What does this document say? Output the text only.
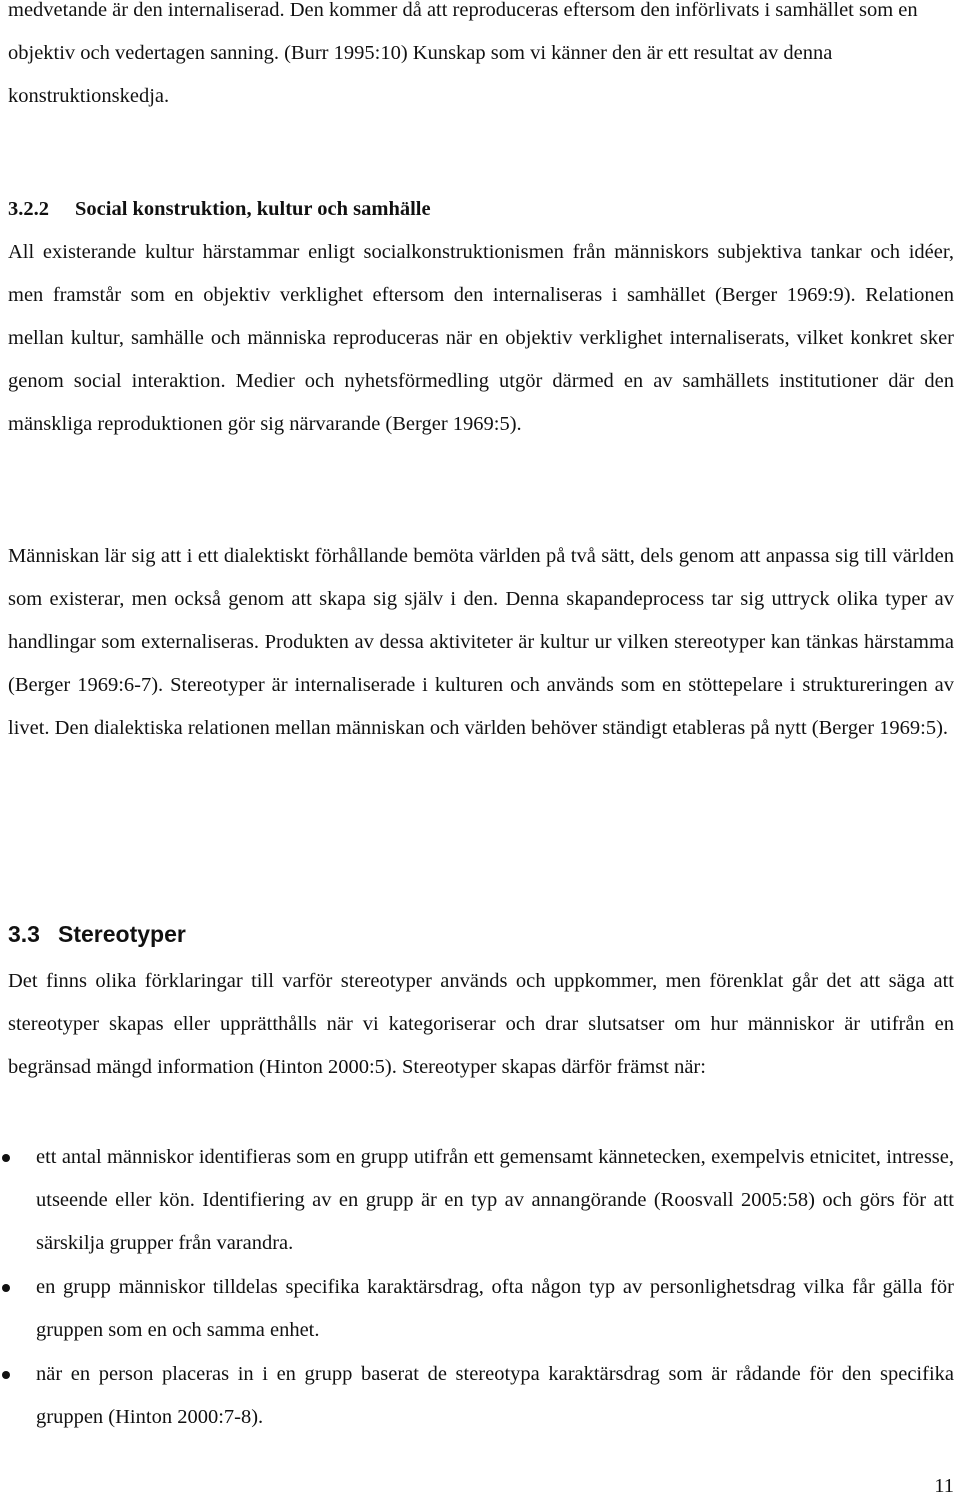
medvetande är den internaliserad. Den kommer då att reproduceras eftersom den införlivats i samhället som en objektiv och vedertagen sanning. (Burr 1995:10) Kunskap som vi känner den är ett resultat av denna konstruktionskedja.

3.2.2 Social konstruktion, kultur och samhälle

All existerande kultur härstammar enligt socialkonstruktionismen från människors subjektiva tankar och idéer, men framstår som en objektiv verklighet eftersom den internaliseras i samhället (Berger 1969:9). Relationen mellan kultur, samhälle och människa reproduceras när en objektiv verklighet internaliserats, vilket konkret sker genom social interaktion. Medier och nyhetsförmedling utgör därmed en av samhällets institutioner där den mänskliga reproduktionen gör sig närvarande (Berger 1969:5).

Människan lär sig att i ett dialektiskt förhållande bemöta världen på två sätt, dels genom att anpassa sig till världen som existerar, men också genom att skapa sig själv i den. Denna skapandeprocess tar sig uttryck olika typer av handlingar som externaliseras. Produkten av dessa aktiviteter är kultur ur vilken stereotyper kan tänkas härstamma (Berger 1969:6-7). Stereotyper är internaliserade i kulturen och används som en stöttepelare i struktureringen av livet. Den dialektiska relationen mellan människan och världen behöver ständigt etableras på nytt (Berger 1969:5).

3.3 Stereotyper

Det finns olika förklaringar till varför stereotyper används och uppkommer, men förenklat går det att säga att stereotyper skapas eller upprätthålls när vi kategoriserar och drar slutsatser om hur människor är utifrån en begränsad mängd information (Hinton 2000:5). Stereotyper skapas därför främst när:

ett antal människor identifieras som en grupp utifrån ett gemensamt kännetecken, exempelvis etnicitet, intresse, utseende eller kön. Identifiering av en grupp är en typ av annangörande (Roosvall 2005:58) och görs för att särskilja grupper från varandra.
en grupp människor tilldelas specifika karaktärsdrag, ofta någon typ av personlighetsdrag vilka får gälla för gruppen som en och samma enhet.
när en person placeras in i en grupp baserat de stereotypa karaktärsdrag som är rådande för den specifika gruppen (Hinton 2000:7-8).

11
